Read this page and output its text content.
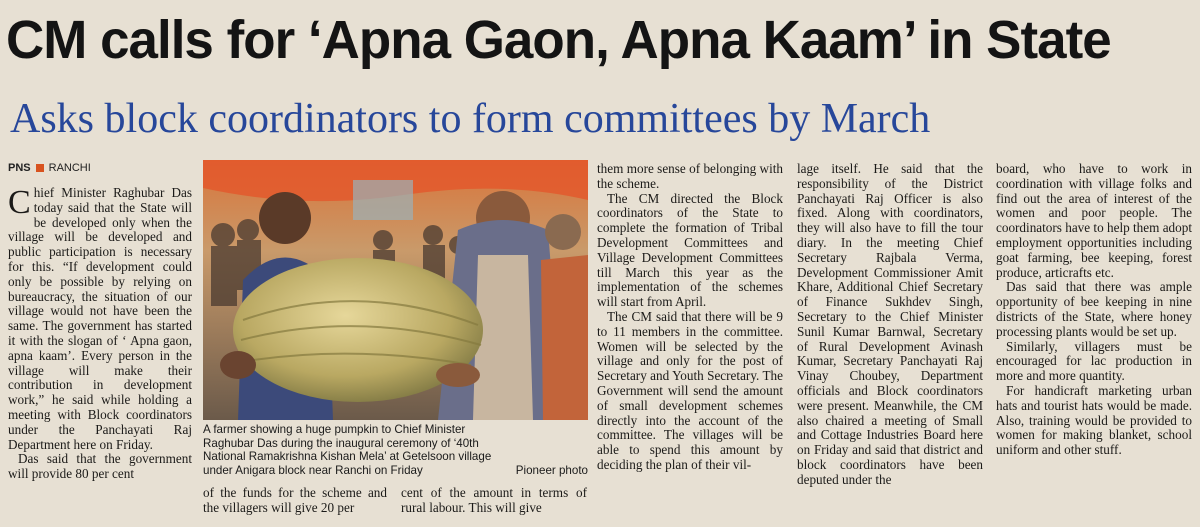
CM calls for ‘Apna Gaon, Apna Kaam’ in State
Asks block coordinators to form committees by March
PNS RANCHI

Chief Minister Raghubar Das today said that the State will be developed only when the village will be developed and public participation is necessary for this. “If development could only be possible by relying on bureaucracy, the situation of our village would not have been the same. The government has started it with the slogan of ‘ Apna gaon, apna kaam’. Every person in the village will make their contribution in development work,” he said while holding a meeting with Block coordinators under the Panchayati Raj Department here on Friday.

Das said that the government will provide 80 per cent

A farmer showing a huge pumpkin to Chief Minister Raghubar Das during the inaugural ceremony of ‘40th National Ramakrishna Kishan Mela’ at Getelsoon village under Anigara block near Ranchi on Friday	Pioneer photo

of the funds for the scheme and the villagers will give 20 per

cent of the amount in terms of rural labour. This will give

them more sense of belonging with the scheme.

The CM directed the Block coordinators of the State to complete the formation of Tribal Development Committees and Village Development Committees till March this year as the implementation of the schemes will start from April.

The CM said that there will be 9 to 11 members in the committee. Women will be selected by the village and only for the post of Secretary and Youth Secretary. The Government will send the amount of small development schemes directly into the account of the committee. The villages will be able to spend this amount by deciding the plan of their vil-

lage itself. He said that the responsibility of the District Panchayati Raj Officer is also fixed. Along with coordinators, they will also have to fill the tour diary. In the meeting Chief Secretary Rajbala Verma, Development Commissioner Amit Khare, Additional Chief Secretary of Finance Sukhdev Singh, Secretary to the Chief Minister Sunil Kumar Barnwal, Secretary of Rural Development Avinash Kumar, Secretary Panchayati Raj Vinay Choubey, Department officials and Block coordinators were present. Meanwhile, the CM also chaired a meeting of Small and Cottage Industries Board here on Friday and said that district and block coordinators have been deputed under the

board, who have to work in coordination with village folks and find out the area of interest of the women and poor people. The coordinators have to help them adopt employment opportunities including goat farming, bee keeping, forest produce, articrafts etc.

Das said that there was ample opportunity of bee keeping in nine districts of the State, where honey processing plants would be set up.

Similarly, villagers must be encouraged for lac production in more and more quantity.

For handicraft marketing urban hats and tourist hats would be made. Also, training would be provided to women for making blanket, school uniform and other stuff.
